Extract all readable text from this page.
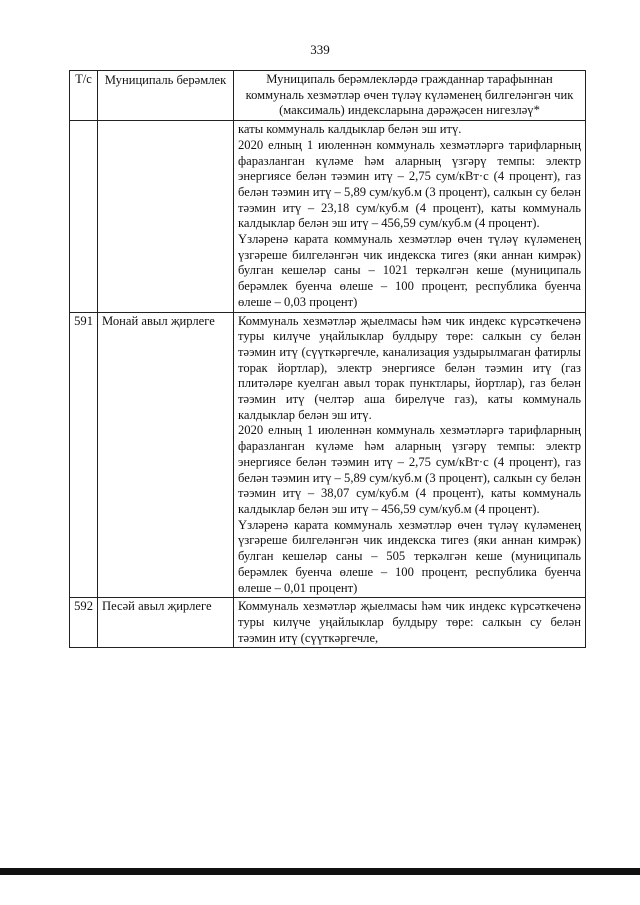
339
Т/с	Муниципаль берәмлек	Муниципаль берәмлекләрдә гражданнар тарафыннан коммуналь хезмәтләр өчен түләү күләменең билгеләнгән чик (максималь) индексларына дәрәҗәсен нигезләү*

		каты коммуналь калдыклар белән эш итү.
2020 елның 1 июленнән коммуналь хезмәтләргә тарифларның фаразланган күләме һәм аларның үзгәрү темпы: электр энергиясе белән тәэмин итү – 2,75 сум/кВт·с (4 процент), газ белән тәэмин итү – 5,89 сум/куб.м (3 процент), салкын су белән тәэмин итү – 23,18 сум/куб.м (4 процент), каты коммуналь калдыклар белән эш итү – 456,59 сум/куб.м (4 процент).
Үзләренә карата коммуналь хезмәтләр өчен түләү күләменең үзгәреше билгеләнгән чик индекска тигез (яки аннан кимрәк) булган кешеләр саны – 1021 теркәлгән кеше (муниципаль берәмлек буенча өлеше – 100 процент, республика буенча өлеше – 0,03 процент)

591	Монай авыл җирлеге	Коммуналь хезмәтләр җыелмасы һәм чик индекс күрсәткеченә туры килүче уңайлыклар булдыру төре: салкын су белән тәэмин итү (сүүткәргечле, канализация уздырылмаган фатирлы торак йортлар), электр энергиясе белән тәэмин итү (газ плитәләре куелган авыл торак пунктлары, йортлар), газ белән тәэмин итү (челтәр аша бирелүче газ), каты коммуналь калдыклар белән эш итү.
2020 елның 1 июленнән коммуналь хезмәтләргә тарифларның фаразланган күләме һәм аларның үзгәрү темпы: электр энергиясе белән тәэмин итү – 2,75 сум/кВт·с (4 процент), газ белән тәэмин итү – 5,89 сум/куб.м (3 процент), салкын су белән тәэмин итү – 38,07 сум/куб.м (4 процент), каты коммуналь калдыклар белән эш итү – 456,59 сум/куб.м (4 процент).
Үзләренә карата коммуналь хезмәтләр өчен түләү күләменең үзгәреше билгеләнгән чик индекска тигез (яки аннан кимрәк) булган кешеләр саны – 505 теркәлгән кеше (муниципаль берәмлек буенча өлеше – 100 процент, республика буенча өлеше – 0,01 процент)

592	Песәй авыл җирлеге	Коммуналь хезмәтләр җыелмасы һәм чик индекс күрсәткеченә туры килүче уңайлыклар булдыру төре: салкын су белән тәэмин итү (сүүткәргечле,
